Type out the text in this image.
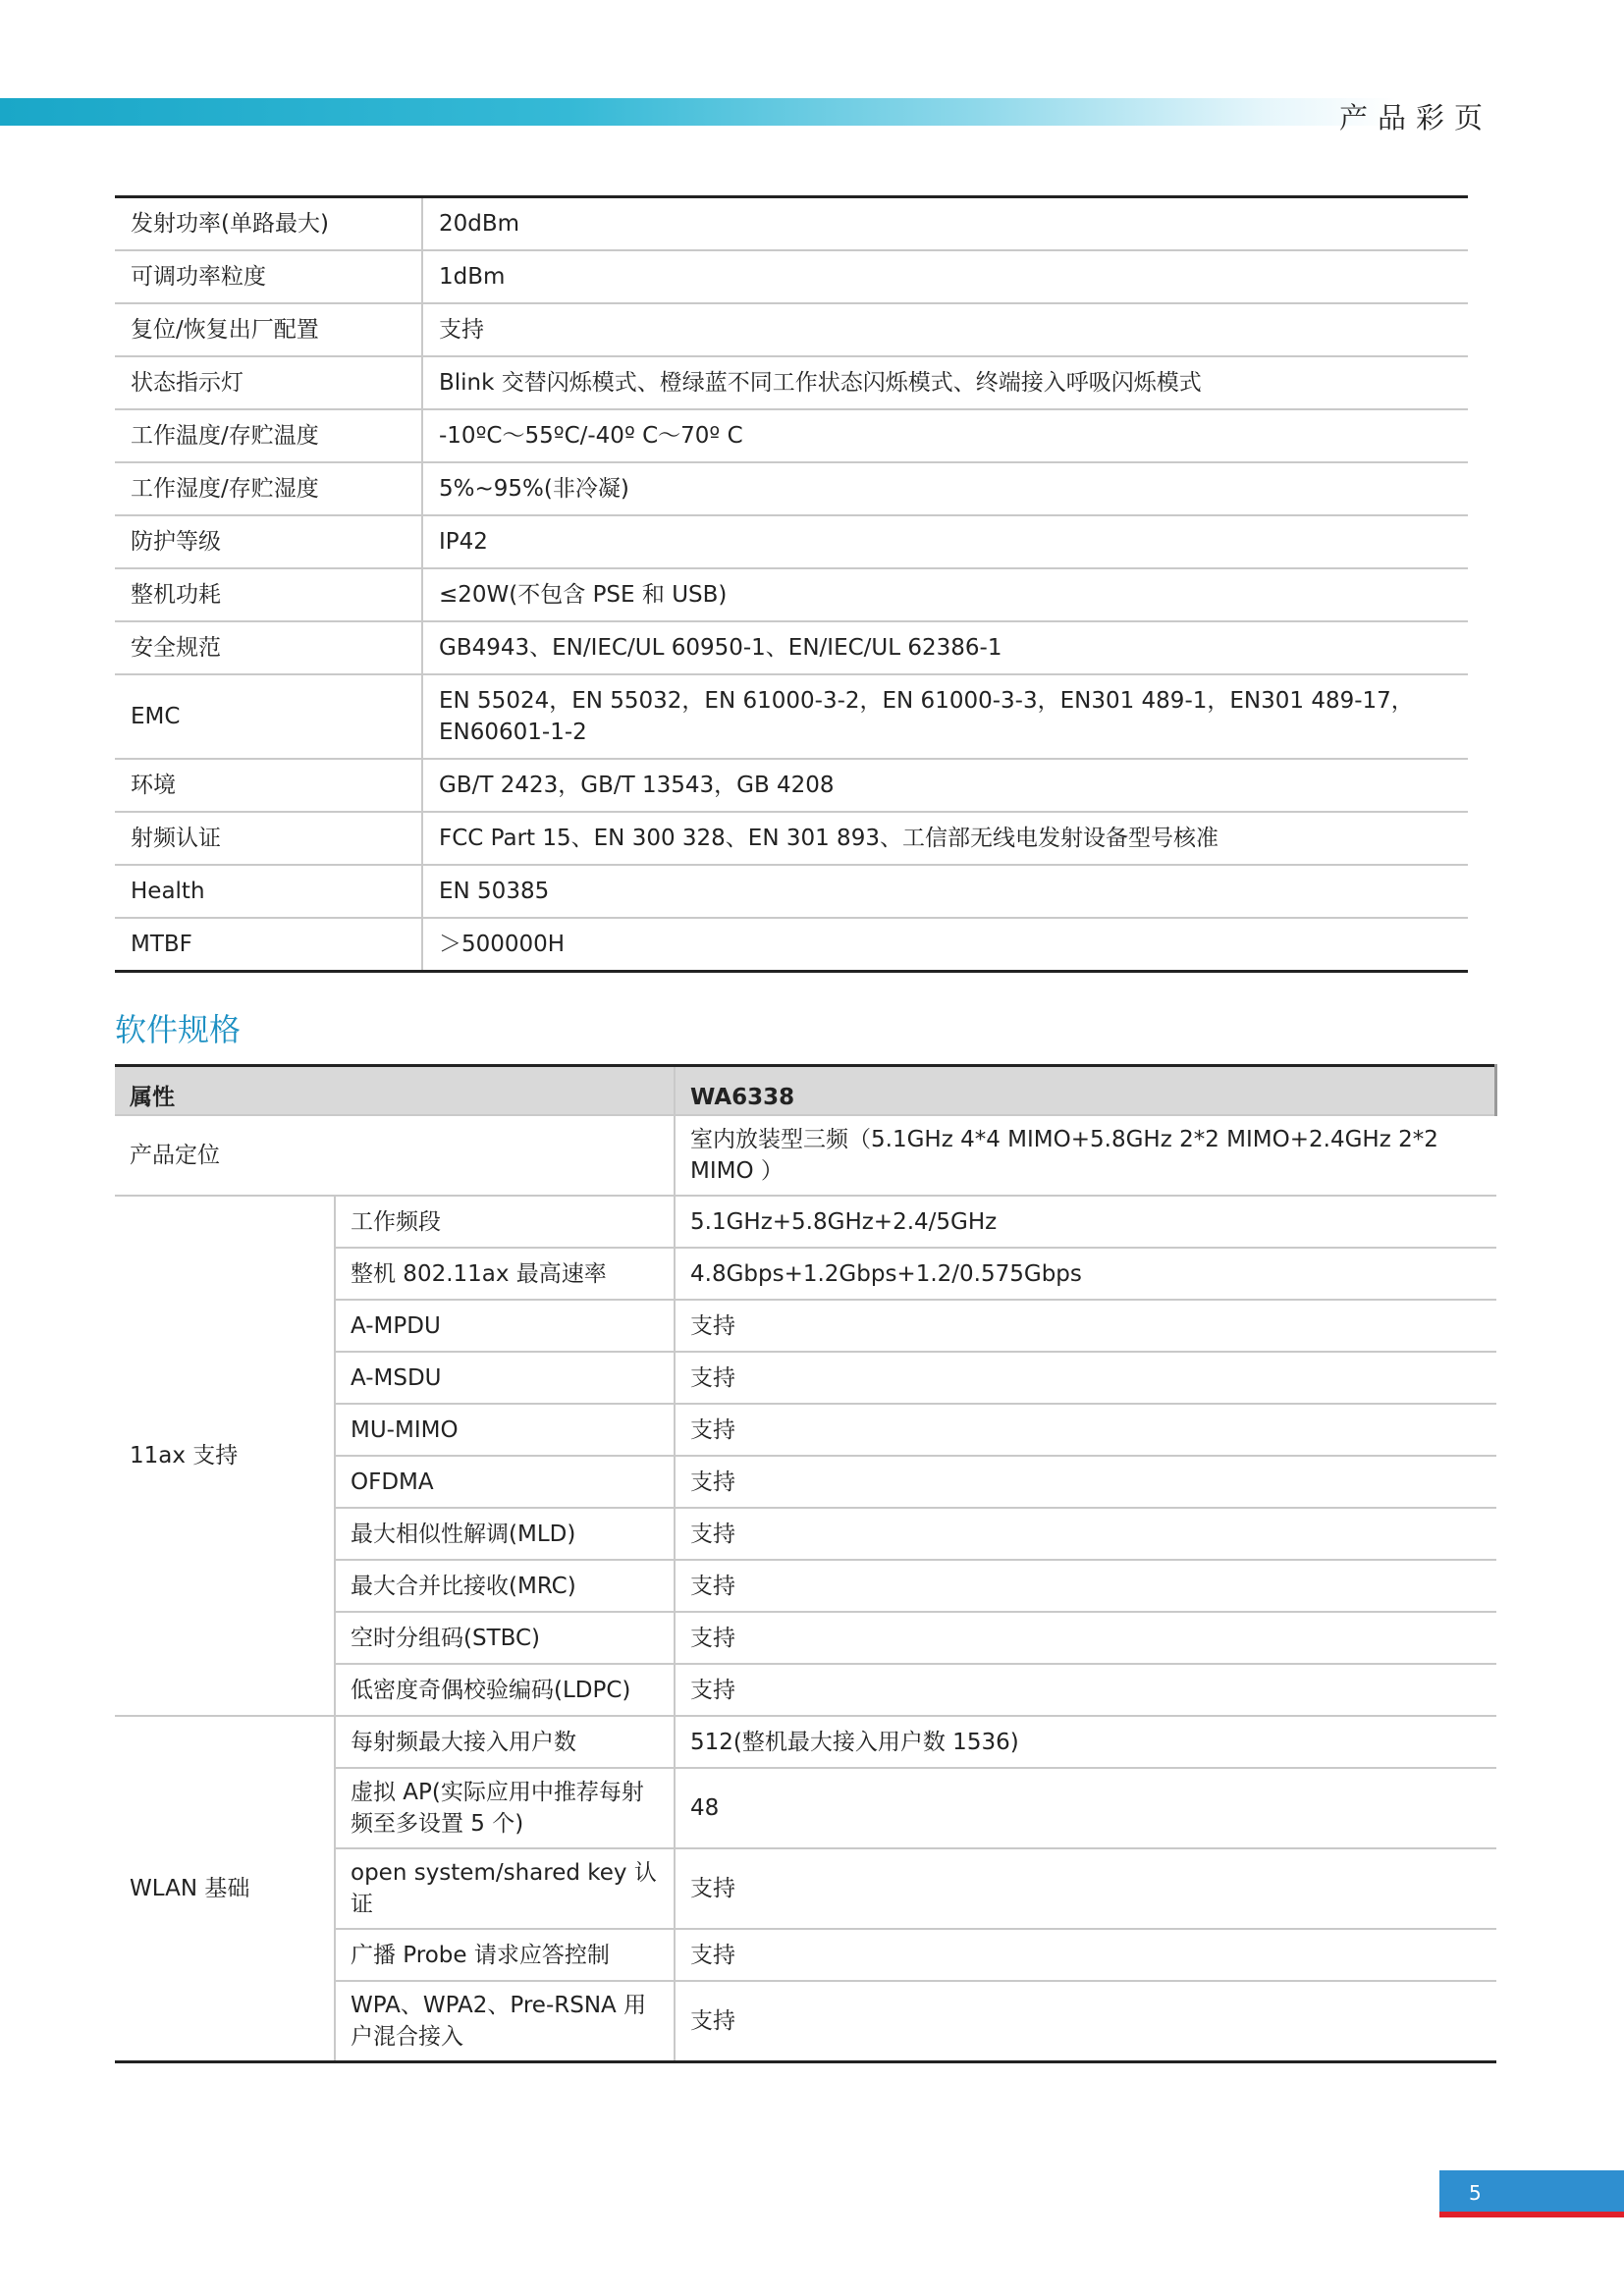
产品彩页
发射功率(单路最大)	20dBm
可调功率粒度	1dBm
复位/恢复出厂配置	支持
状态指示灯	Blink 交替闪烁模式、橙绿蓝不同工作状态闪烁模式、终端接入呼吸闪烁模式
工作温度/存贮温度	-10ºC～55ºC/-40º C～70º C
工作湿度/存贮湿度	5%~95%(非冷凝)
防护等级	IP42
整机功耗	≤20W(不包含 PSE 和 USB)
安全规范	GB4943、EN/IEC/UL 60950-1、EN/IEC/UL 62386-1
EMC	EN 55024，EN 55032，EN 61000-3-2，EN 61000-3-3，EN301 489-1，EN301 489-17，EN60601-1-2
环境	GB/T 2423，GB/T 13543，GB 4208
射频认证	FCC Part 15、EN 300 328、EN 301 893、工信部无线电发射设备型号核准
Health	EN 50385
MTBF	＞500000H
软件规格
属性		WA6338
产品定位		室内放装型三频（5.1GHz 4*4 MIMO+5.8GHz 2*2 MIMO+2.4GHz 2*2 MIMO ）
11ax 支持	工作频段	5.1GHz+5.8GHz+2.4/5GHz
	整机 802.11ax 最高速率	4.8Gbps+1.2Gbps+1.2/0.575Gbps
	A-MPDU	支持
	A-MSDU	支持
	MU-MIMO	支持
	OFDMA	支持
	最大相似性解调(MLD)	支持
	最大合并比接收(MRC)	支持
	空时分组码(STBC)	支持
	低密度奇偶校验编码(LDPC)	支持
WLAN 基础	每射频最大接入用户数	512(整机最大接入用户数 1536)
	虚拟 AP(实际应用中推荐每射频至多设置 5 个)	48
	open system/shared key 认证	支持
	广播 Probe 请求应答控制	支持
	WPA、WPA2、Pre-RSNA 用户混合接入	支持
5
